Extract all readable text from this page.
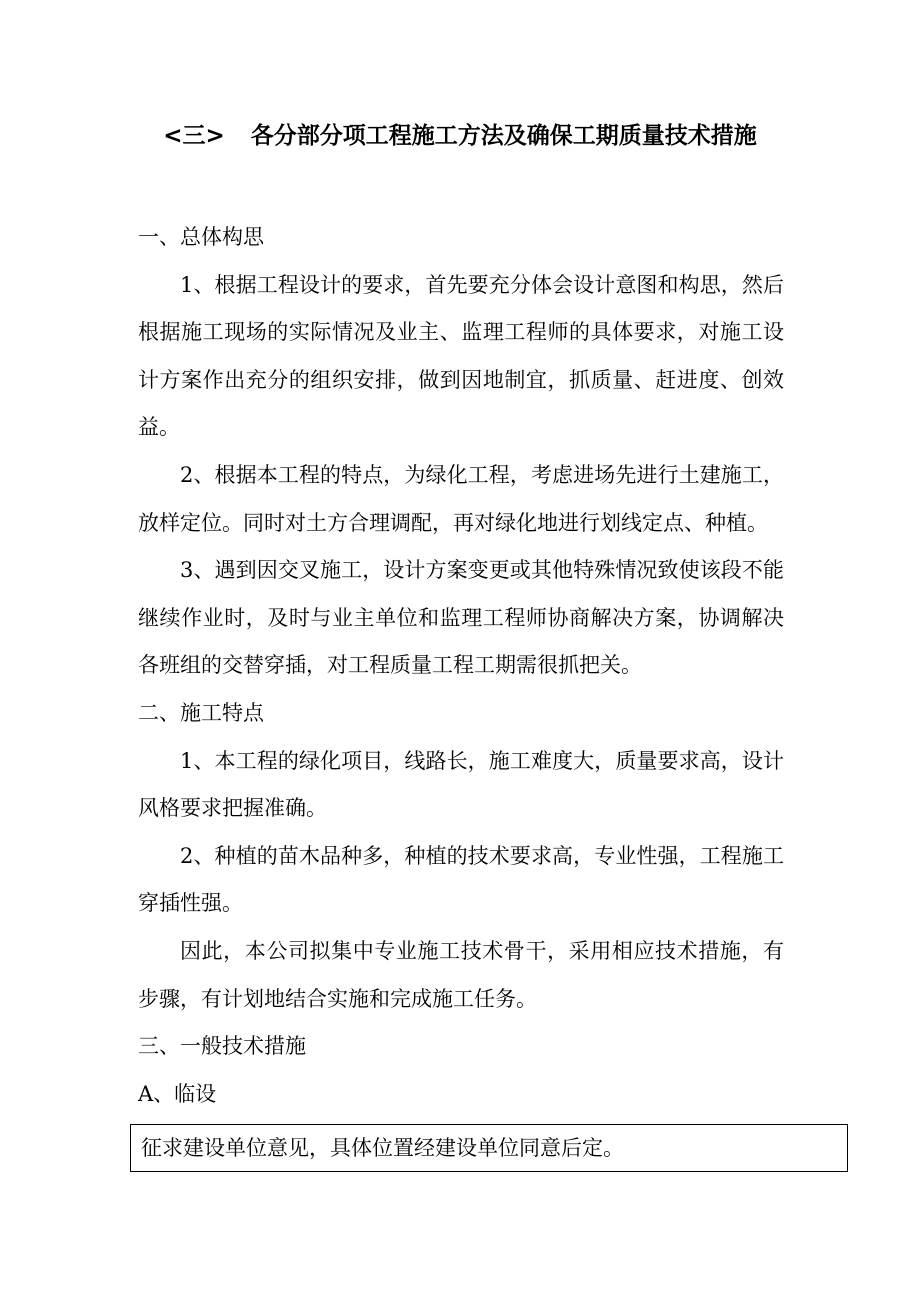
<三> 各分部分项工程施工方法及确保工期质量技术措施

一、总体构思

1、根据工程设计的要求，首先要充分体会设计意图和构思，然后根据施工现场的实际情况及业主、监理工程师的具体要求，对施工设计方案作出充分的组织安排，做到因地制宜，抓质量、赶进度、创效益。

2、根据本工程的特点，为绿化工程，考虑进场先进行土建施工，放样定位。同时对土方合理调配，再对绿化地进行划线定点、种植。

3、遇到因交叉施工，设计方案变更或其他特殊情况致使该段不能继续作业时，及时与业主单位和监理工程师协商解决方案，协调解决各班组的交替穿插，对工程质量工程工期需很抓把关。

二、施工特点

1、本工程的绿化项目，线路长，施工难度大，质量要求高，设计风格要求把握准确。

2、种植的苗木品种多，种植的技术要求高，专业性强，工程施工穿插性强。

因此，本公司拟集中专业施工技术骨干，采用相应技术措施，有步骤，有计划地结合实施和完成施工任务。

三、一般技术措施

A、临设

征求建设单位意见，具体位置经建设单位同意后定。
